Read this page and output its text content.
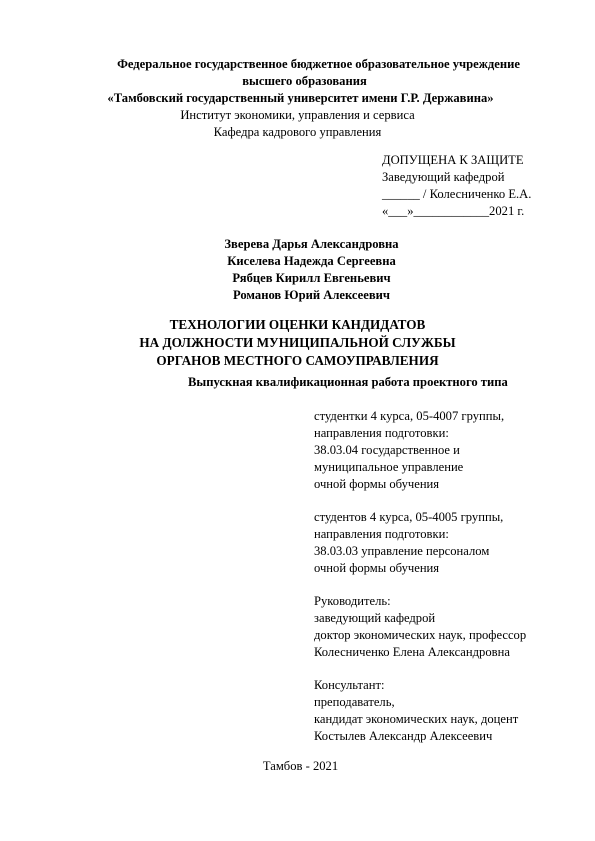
Федеральное государственное бюджетное образовательное учреждение
высшего образования
«Тамбовский государственный университет имени Г.Р. Державина»
Институт экономики, управления и сервиса
Кафедра кадрового управления
ДОПУЩЕНА К ЗАЩИТЕ
Заведующий кафедрой
______ / Колесниченко Е.А.
«___»____________2021 г.
Зверева Дарья Александровна
Киселева Надежда Сергеевна
Рябцев Кирилл Евгеньевич
Романов Юрий Алексеевич
ТЕХНОЛОГИИ ОЦЕНКИ КАНДИДАТОВ
НА ДОЛЖНОСТИ МУНИЦИПАЛЬНОЙ СЛУЖБЫ
ОРГАНОВ МЕСТНОГО САМОУПРАВЛЕНИЯ
Выпускная квалификационная работа проектного типа
студентки 4 курса, 05-4007 группы,
направления подготовки:
38.03.04 государственное и
муниципальное управление
очной формы обучения
студентов 4 курса, 05-4005 группы,
направления подготовки:
38.03.03 управление персоналом
очной формы обучения
Руководитель:
заведующий кафедрой
доктор экономических наук, профессор
Колесниченко Елена Александровна
Консультант:
преподаватель,
кандидат экономических наук, доцент
Костылев Александр Алексеевич
Тамбов - 2021
